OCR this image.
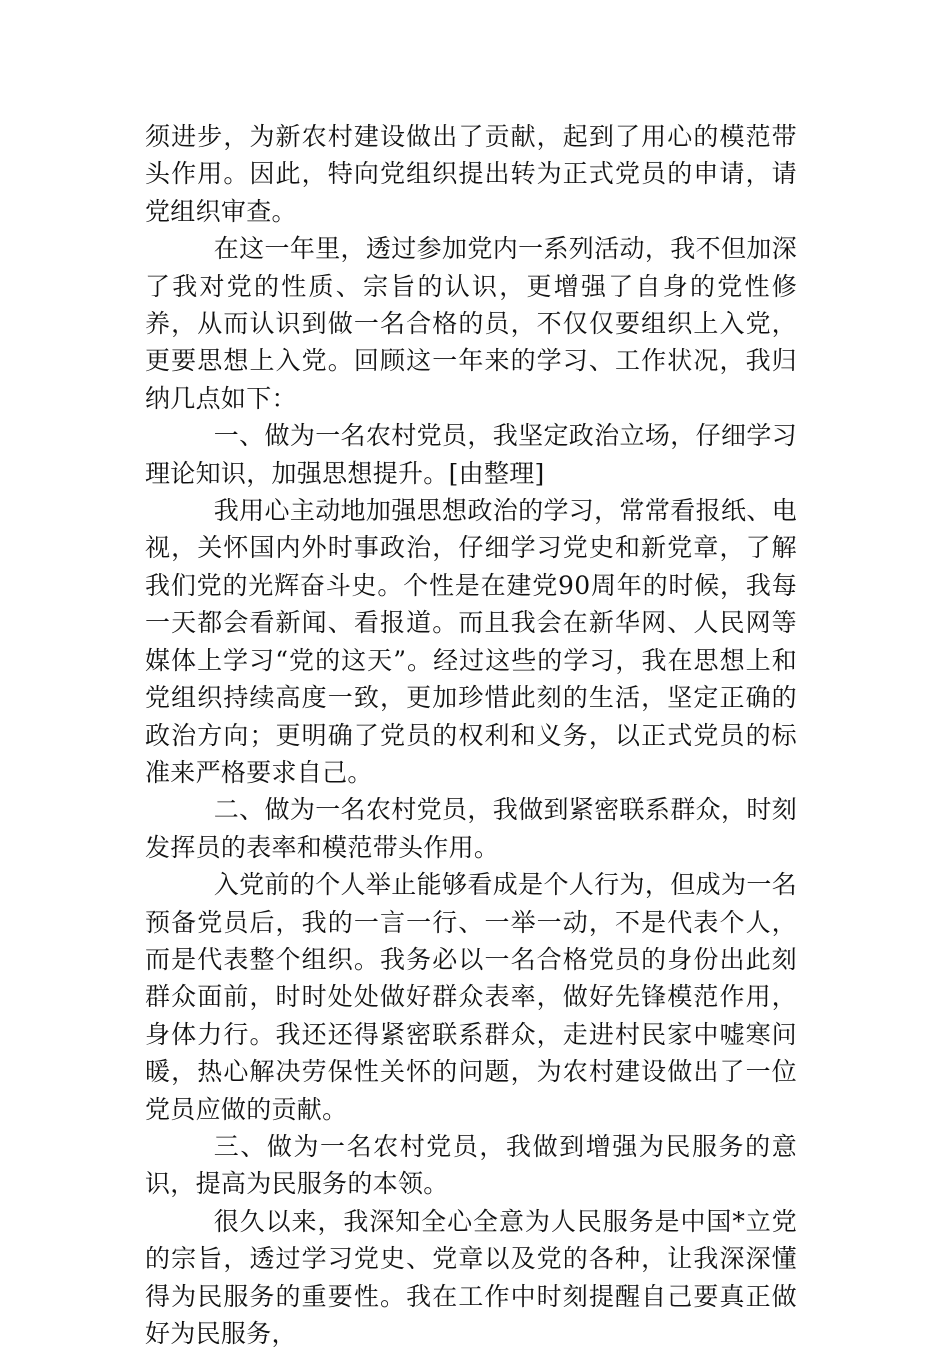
须进步，为新农村建设做出了贡献，起到了用心的模范带头作用。因此，特向党组织提出转为正式党员的申请，请党组织审查。

在这一年里，透过参加党内一系列活动，我不但加深了我对党的性质、宗旨的认识，更增强了自身的党性修养，从而认识到做一名合格的员，不仅仅要组织上入党，更要思想上入党。回顾这一年来的学习、工作状况，我归纳几点如下：

一、做为一名农村党员，我坚定政治立场，仔细学习理论知识，加强思想提升。[由整理]

我用心主动地加强思想政治的学习，常常看报纸、电视，关怀国内外时事政治，仔细学习党史和新党章，了解我们党的光辉奋斗史。个性是在建党90周年的时候，我每一天都会看新闻、看报道。而且我会在新华网、人民网等媒体上学习“党的这天”。经过这些的学习，我在思想上和党组织持续高度一致，更加珍惜此刻的生活，坚定正确的政治方向；更明确了党员的权利和义务，以正式党员的标准来严格要求自己。

二、做为一名农村党员，我做到紧密联系群众，时刻发挥员的表率和模范带头作用。

入党前的个人举止能够看成是个人行为，但成为一名预备党员后，我的一言一行、一举一动，不是代表个人，而是代表整个组织。我务必以一名合格党员的身份出此刻群众面前，时时处处做好群众表率，做好先锋模范作用，身体力行。我还还得紧密联系群众，走进村民家中嘘寒问暖，热心解决劳保性关怀的问题，为农村建设做出了一位党员应做的贡献。

三、做为一名农村党员，我做到增强为民服务的意识，提高为民服务的本领。

很久以来，我深知全心全意为人民服务是中国*立党的宗旨，透过学习党史、党章以及党的各种，让我深深懂得为民服务的重要性。我在工作中时刻提醒自己要真正做好为民服务，
